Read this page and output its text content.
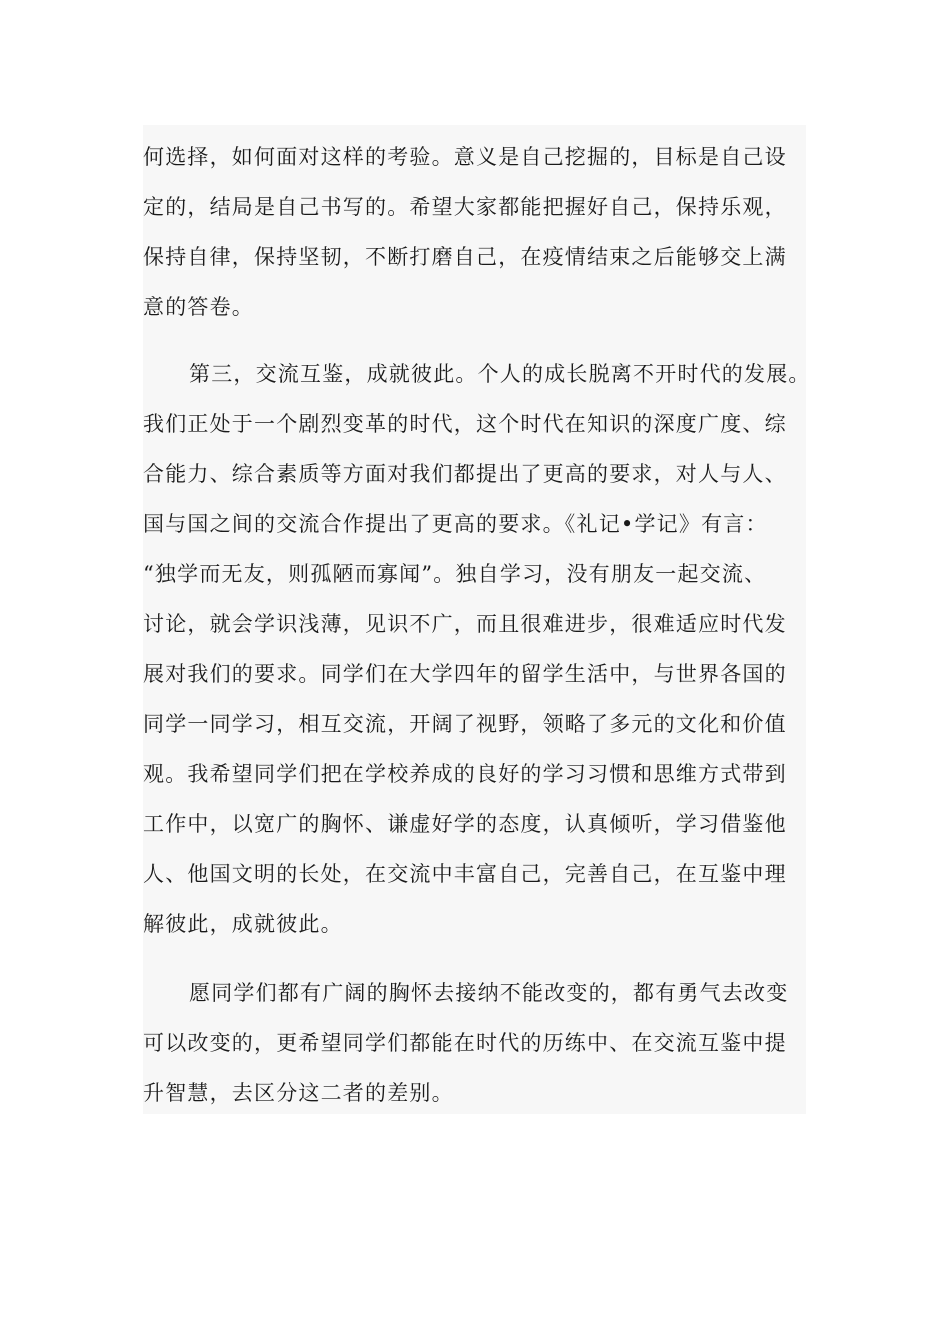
何选择，如何面对这样的考验。意义是自己挖掘的，目标是自己设
定的，结局是自己书写的。希望大家都能把握好自己，保持乐观，
保持自律，保持坚韧，不断打磨自己，在疫情结束之后能够交上满
意的答卷。
第三，交流互鉴，成就彼此。个人的成长脱离不开时代的发展。
我们正处于一个剧烈变革的时代，这个时代在知识的深度广度、综
合能力、综合素质等方面对我们都提出了更高的要求，对人与人、
国与国之间的交流合作提出了更高的要求。《礼记•学记》有言：
“独学而无友，则孤陋而寡闻”。独自学习，没有朋友一起交流、
讨论，就会学识浅薄，见识不广，而且很难进步，很难适应时代发
展对我们的要求。同学们在大学四年的留学生活中，与世界各国的
同学一同学习，相互交流，开阔了视野，领略了多元的文化和价值
观。我希望同学们把在学校养成的良好的学习习惯和思维方式带到
工作中，以宽广的胸怀、谦虚好学的态度，认真倾听，学习借鉴他
人、他国文明的长处，在交流中丰富自己，完善自己，在互鉴中理
解彼此，成就彼此。
愿同学们都有广阔的胸怀去接纳不能改变的，都有勇气去改变
可以改变的，更希望同学们都能在时代的历练中、在交流互鉴中提
升智慧，去区分这二者的差别。
